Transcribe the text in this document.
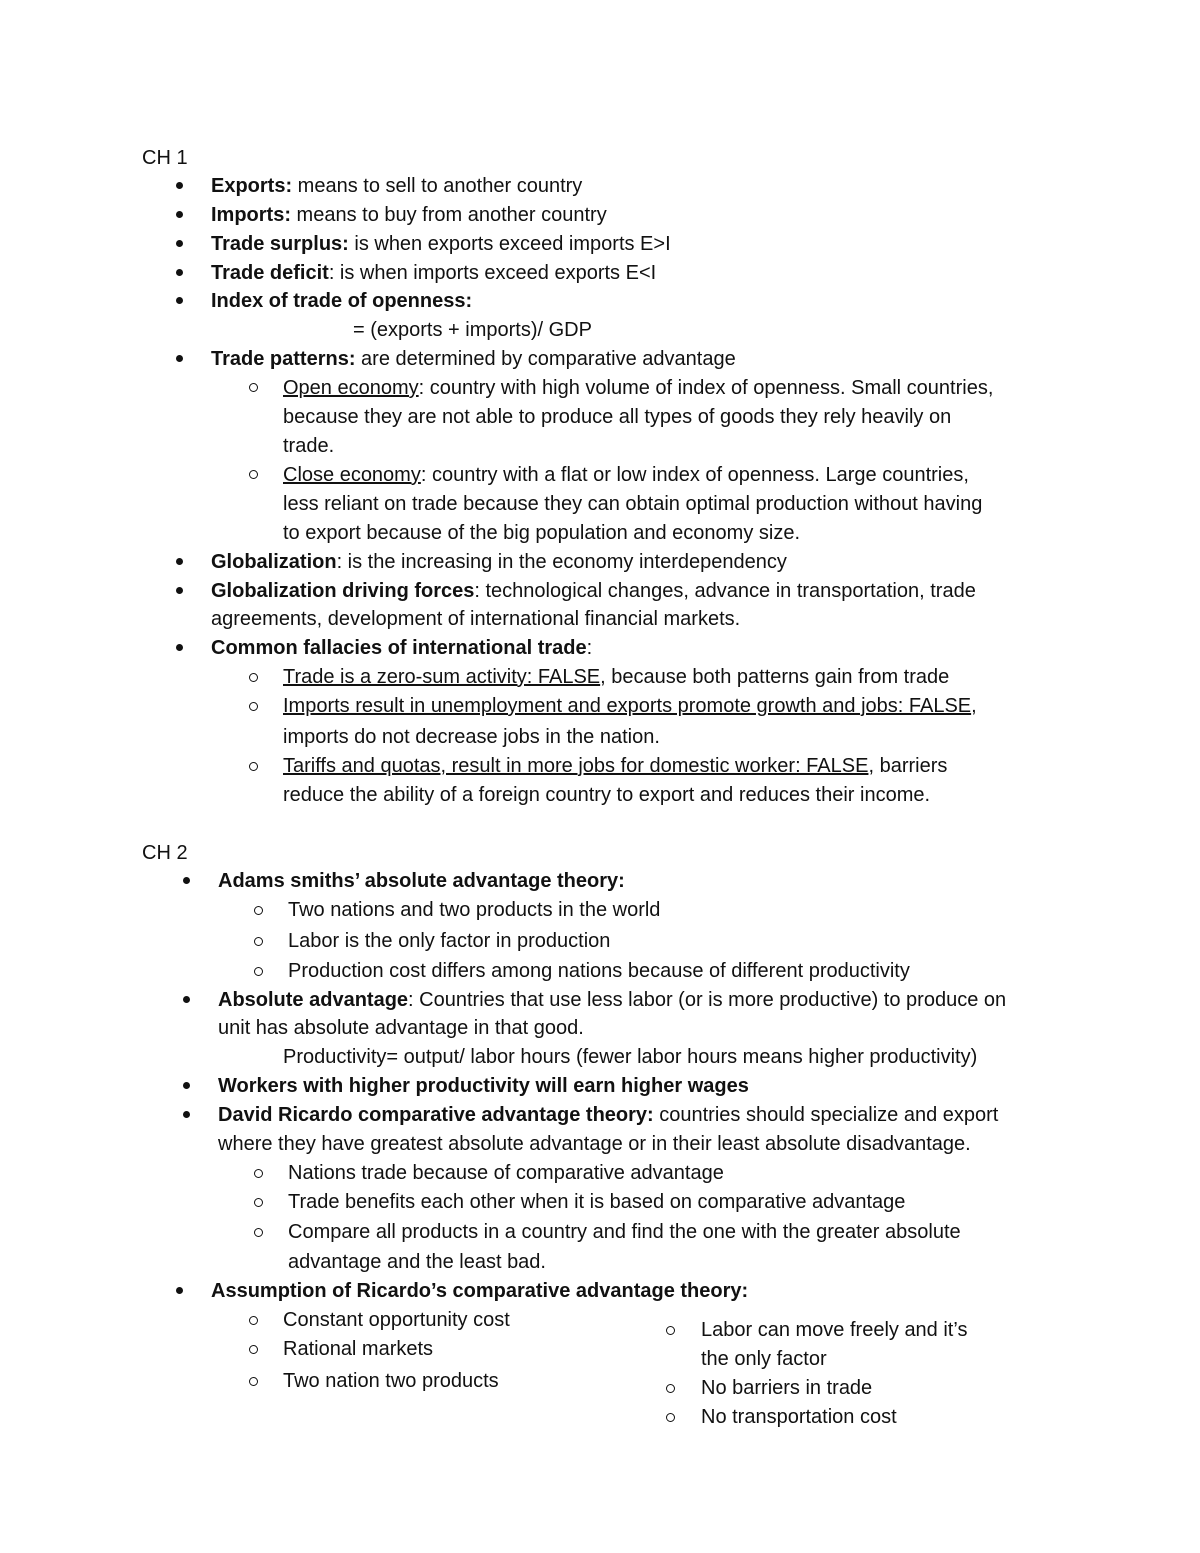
CH 1
Exports: means to sell to another country
Imports: means to buy from another country
Trade surplus: is when exports exceed imports E>I
Trade deficit: is when imports exceed exports E<I
Index of trade of openness:
= (exports + imports)/ GDP
Trade patterns: are determined by comparative advantage
Open economy: country with high volume of index of openness. Small countries,
because they are not able to produce all types of goods they rely heavily on
trade.
Close economy: country with a flat or low index of openness. Large countries,
less reliant on trade because they can obtain optimal production without having
to export because of the big population and economy size.
Globalization: is the increasing in the economy interdependency
Globalization driving forces: technological changes, advance in transportation, trade
agreements, development of international financial markets.
Common fallacies of international trade:
Trade is a zero-sum activity: FALSE, because both patterns gain from trade
Imports result in unemployment and exports promote growth and jobs: FALSE,
imports do not decrease jobs in the nation.
Tariffs and quotas, result in more jobs for domestic worker: FALSE, barriers
reduce the ability of a foreign country to export and reduces their income.
CH 2
Adams smiths’ absolute advantage theory:
Two nations and two products in the world
Labor is the only factor in production
Production cost differs among nations because of different productivity
Absolute advantage: Countries that use less labor (or is more productive) to produce on
unit has absolute advantage in that good.
Productivity= output/ labor hours (fewer labor hours means higher productivity)
Workers with higher productivity will earn higher wages
David Ricardo comparative advantage theory: countries should specialize and export
where they have greatest absolute advantage or in their least absolute disadvantage.
Nations trade because of comparative advantage
Trade benefits each other when it is based on comparative advantage
Compare all products in a country and find the one with the greater absolute
advantage and the least bad.
Assumption of Ricardo’s comparative advantage theory:
Constant opportunity cost
Rational markets
Two nation two products
Labor can move freely and it’s
the only factor
No barriers in trade
No transportation cost
